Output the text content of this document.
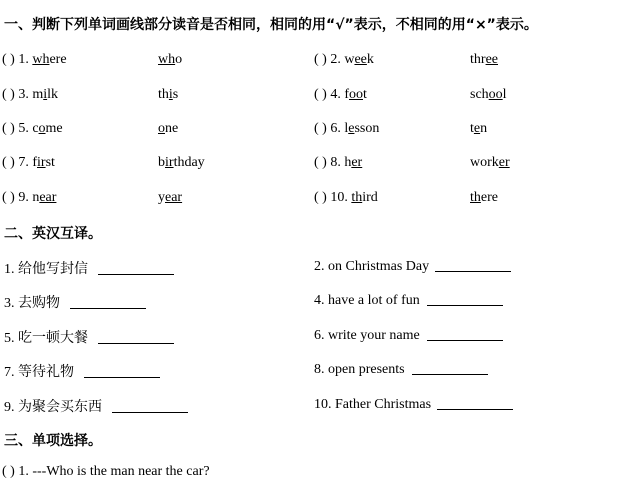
一、判断下列单词画线部分读音是否相同，相同的用“√”表示，不相同的用“×”表示。
( ) 1. where	who	( ) 2. week	three
( ) 3. milk	this	( ) 4. foot	school
( ) 5. come	one	( ) 6. lesson	ten
( ) 7. first	birthday	( ) 8. her	worker
( ) 9. near	year	( ) 10. third	there
二、英汉互译。
1. 给他写封信	2. on Christmas Day
3. 去购物	4. have a lot of fun
5. 吃一顿大餐	6. write your name
7. 等待礼物	8. open presents
9. 为聚会买东西	10. Father Christmas
三、单项选择。
( ) 1. ---Who is the man near the car?
